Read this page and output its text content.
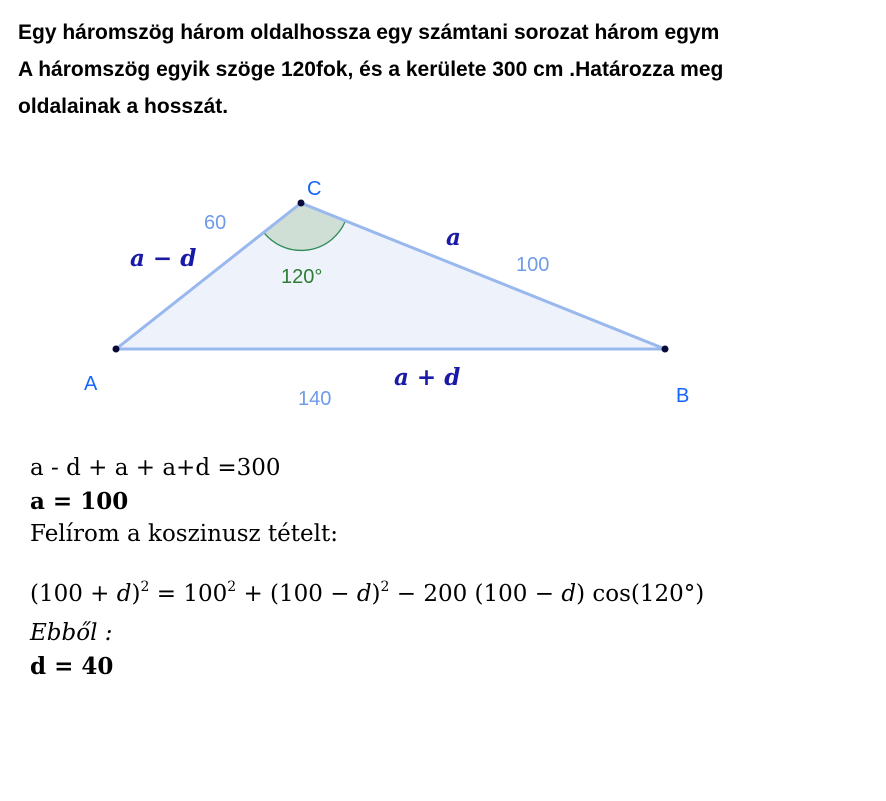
Egy háromszög három oldalhossza egy számtani sorozat három egym
A háromszög egyik szöge 120fok, és a kerülete 300 cm .Határozza meg
oldalainak a hosszát.
A
B
C
60
100
140
a − d
a
a + d
120°
a - d + a + a+d =300
a = 100
Felírom a koszinusz tételt:
$(100 + d)^2 = 100^2 + (100 - d)^2 - 200$ (100 − d) cos(120°)
Ebből :
d = 40
